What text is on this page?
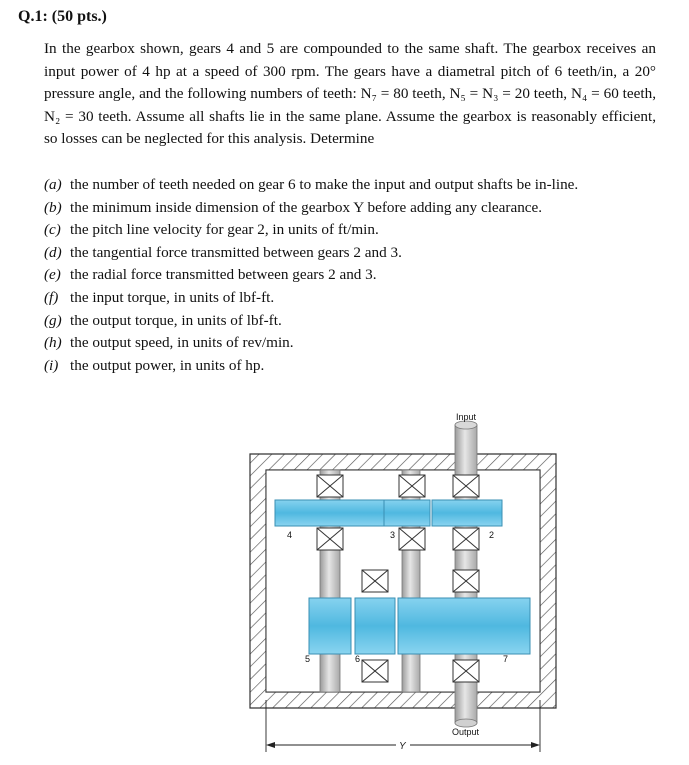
Q.1: (50 pts.)

In the gearbox shown, gears 4 and 5 are compounded to the same shaft. The gearbox receives an input power of 4 hp at a speed of 300 rpm. The gears have a diametral pitch of 6 teeth/in, a 20° pressure angle, and the following numbers of teeth: N₇ = 80 teeth, N₅ = N₃ = 20 teeth, N₄ = 60 teeth, N₂ = 30 teeth. Assume all shafts lie in the same plane. Assume the gearbox is reasonably efficient, so losses can be neglected for this analysis. Determine

(a) the number of teeth needed on gear 6 to make the input and output shafts be in-line.
(b) the minimum inside dimension of the gearbox Y before adding any clearance.
(c) the pitch line velocity for gear 2, in units of ft/min.
(d) the tangential force transmitted between gears 2 and 3.
(e) the radial force transmitted between gears 2 and 3.
(f) the input torque, in units of lbf-ft.
(g) the output torque, in units of lbf-ft.
(h) the output speed, in units of rev/min.
(i) the output power, in units of hp.
Input
Output
2
3
4
5	6	7
Y
